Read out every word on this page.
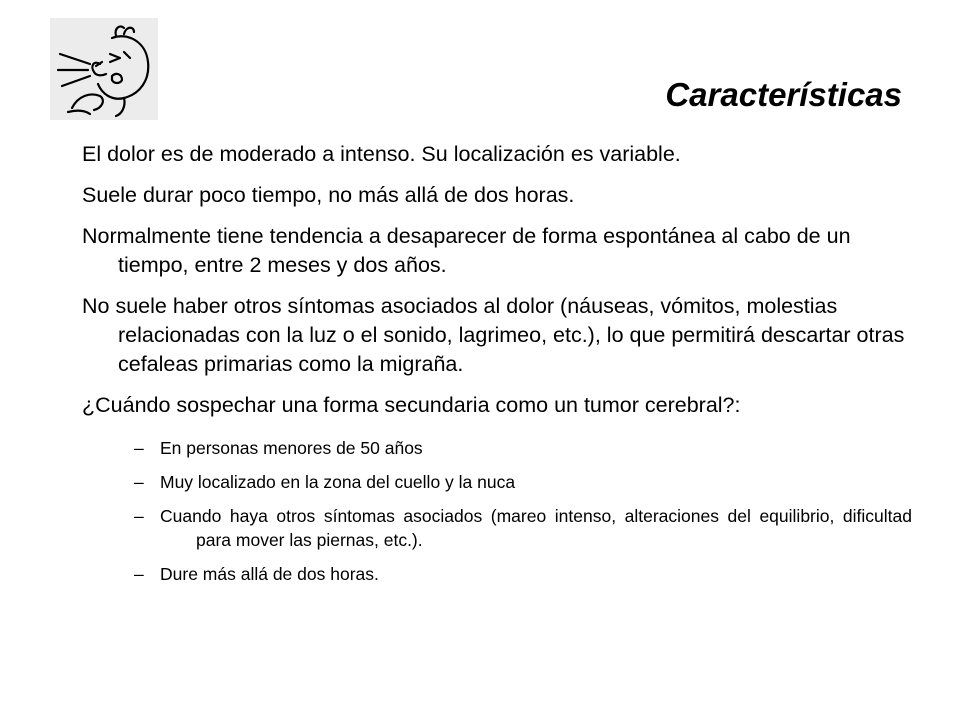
Características
El dolor es de moderado a intenso. Su localización es variable.
Suele durar poco tiempo, no más allá de dos horas.
Normalmente tiene tendencia a desaparecer de forma espontánea al cabo de un tiempo, entre 2 meses y dos años.
No suele haber otros síntomas asociados al dolor (náuseas, vómitos, molestias relacionadas con la luz o el sonido, lagrimeo, etc.), lo que permitirá descartar otras cefaleas primarias como la migraña.
¿Cuándo sospechar una forma secundaria como un tumor cerebral?:
– En personas menores de 50 años
– Muy localizado en la zona del cuello y la nuca
– Cuando haya otros síntomas asociados (mareo intenso, alteraciones del equilibrio, dificultad para mover las piernas, etc.).
– Dure más allá de dos horas.
